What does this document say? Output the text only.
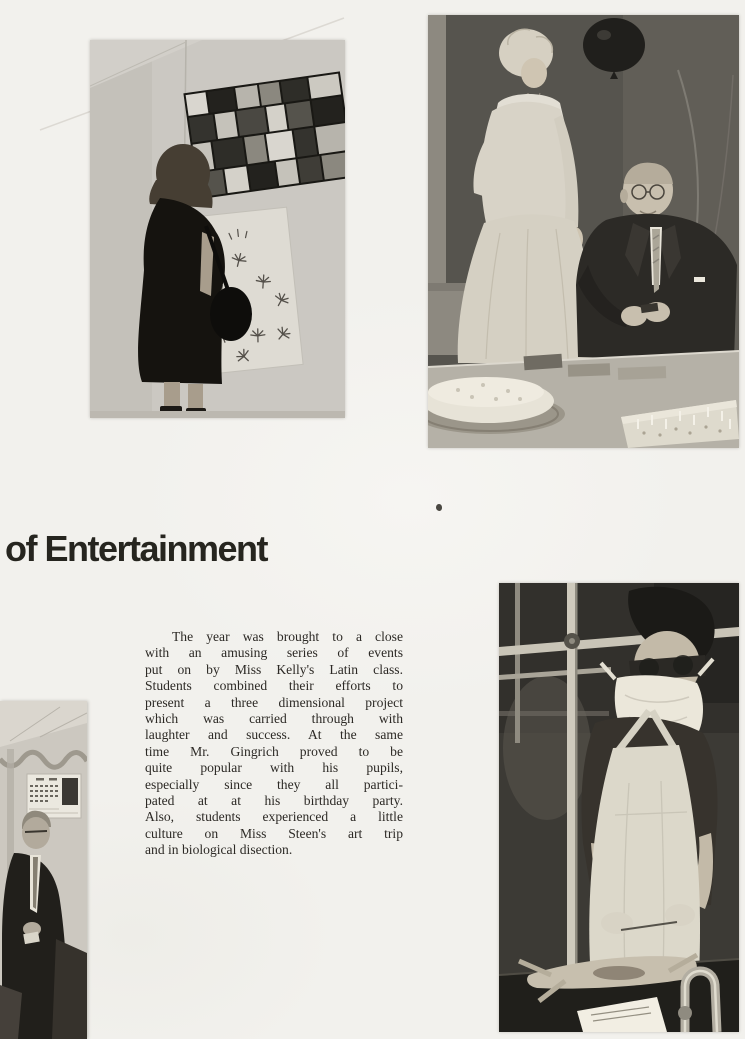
of Entertainment
The year was brought to a close
with an amusing series of events
put on by Miss Kelly's Latin class.
Students combined their efforts to
present a three dimensional project
which was carried through with
laughter and success. At the same
time Mr. Gingrich proved to be
quite popular with his pupils,
especially since they all partici-
pated at at his birthday party.
Also, students experienced a little
culture on Miss Steen's art trip
and in biological disection.
